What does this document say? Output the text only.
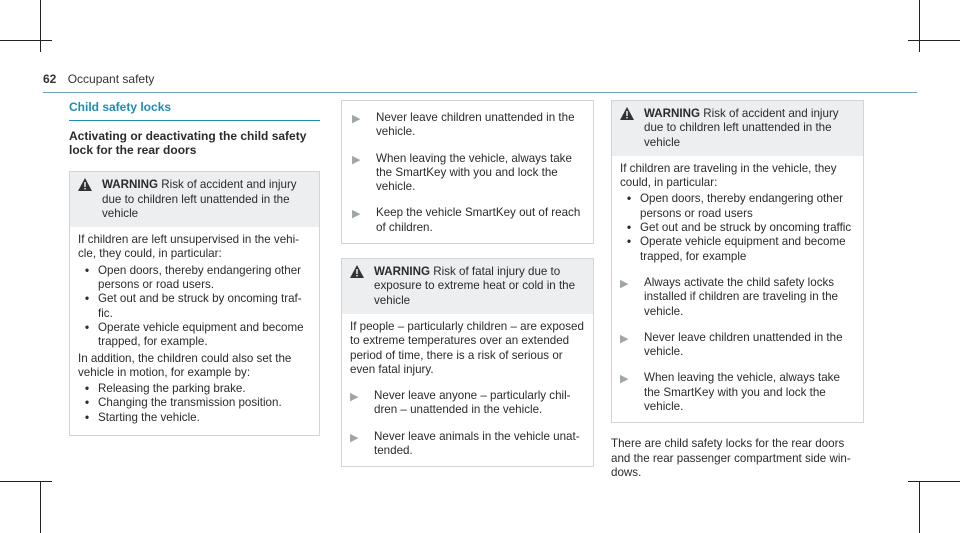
62 Occupant safety
Child safety locks
Activating or deactivating the child safety lock for the rear doors
WARNING Risk of accident and injury due to children left unattended in the vehicle

If children are left unsupervised in the vehi-cle, they could, in particular:

• Open doors, thereby endangering other persons or road users.
• Get out and be struck by oncoming traf-fic.
• Operate vehicle equipment and become trapped, for example.

In addition, the children could also set the vehicle in motion, for example by:

• Releasing the parking brake.
• Changing the transmission position.
• Starting the vehicle.
▶	Never leave children unattended in the vehicle.
▶	When leaving the vehicle, always take the SmartKey with you and lock the vehicle.
▶	Keep the vehicle SmartKey out of reach of children.
WARNING Risk of fatal injury due to exposure to extreme heat or cold in the vehicle

If people – particularly children – are exposed to extreme temperatures over an extended period of time, there is a risk of serious or even fatal injury.

▶	Never leave anyone – particularly chil-dren – unattended in the vehicle.
▶	Never leave animals in the vehicle unat-tended.
WARNING Risk of accident and injury due to children left unattended in the vehicle

If children are traveling in the vehicle, they could, in particular:

• Open doors, thereby endangering other persons or road users
• Get out and be struck by oncoming traffic
• Operate vehicle equipment and become trapped, for example
▶	Always activate the child safety locks installed if children are traveling in the vehicle.
▶	Never leave children unattended in the vehicle.
▶	When leaving the vehicle, always take the SmartKey with you and lock the vehicle.

There are child safety locks for the rear doors and the rear passenger compartment side win-dows.
